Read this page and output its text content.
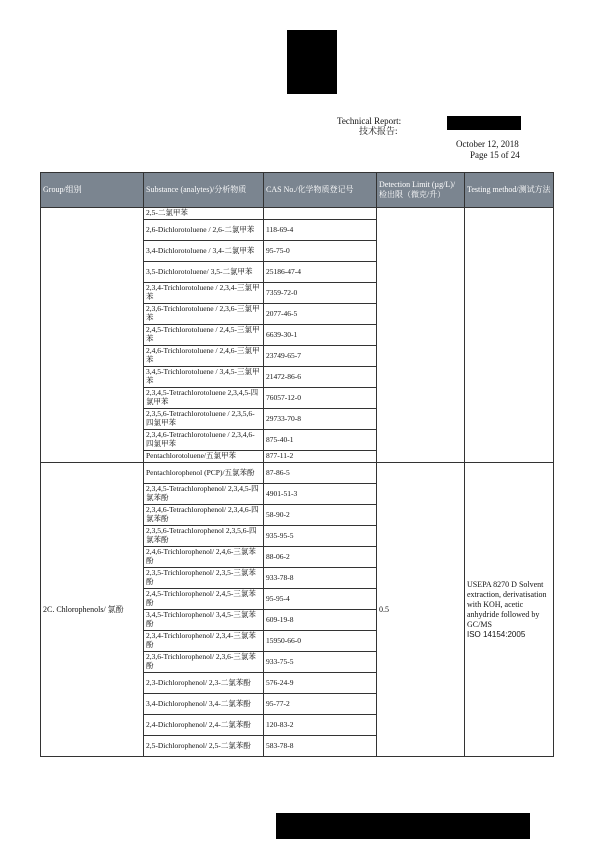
Technical Report:
技术报告:
October 12, 2018
Page 15 of 24
Group/组别	Substance (analytes)/分析物质	CAS No./化学物质登记号	Detection Limit (µg/L)/检出限（微克/升）	Testing method/测试方法
	2,5-二氯甲苯			
	2,6-Dichlorotoluene / 2,6-二氯甲苯	118-69-4		
	3,4-Dichlorotoluene / 3,4-二氯甲苯	95-75-0		
	3,5-Dichlorotoluene/ 3,5-二氯甲苯	25186-47-4		
	2,3,4-Trichlorotoluene / 2,3,4-三氯甲苯	7359-72-0		
	2,3,6-Trichlorotoluene / 2,3,6-三氯甲苯	2077-46-5		
	2,4,5-Trichlorotoluene / 2,4,5-三氯甲苯	6639-30-1		
	2,4,6-Trichlorotoluene / 2,4,6-三氯甲苯	23749-65-7		
	3,4,5-Trichlorotoluene / 3,4,5-三氯甲苯	21472-86-6		
	2,3,4,5-Tetrachlorotoluene 2,3,4,5-四氯甲苯	76057-12-0		
	2,3,5,6-Tetrachlorotoluene / 2,3,5,6-四氯甲苯	29733-70-8		
	2,3,4,6-Tetrachlorotoluene / 2,3,4,6-四氯甲苯	875-40-1		
	Pentachlorotoluene/五氯甲苯	877-11-2		
2C. Chlorophenols/ 氯酚	Pentachlorophenol (PCP)/五氯苯酚	87-86-5	0.5	USEPA 8270 D Solvent extraction, derivatisation with KOH, acetic anhydride followed by GC/MS
ISO 14154:2005

	2,3,4,5-Tetrachlorophenol/ 2,3,4,5-四氯苯酚	4901-51-3		
	2,3,4,6-Tetrachlorophenol/ 2,3,4,6-四氯苯酚	58-90-2		
	2,3,5,6-Tetrachlorophenol 2,3,5,6-四氯苯酚	935-95-5		
	2,4,6-Trichlorophenol/ 2,4,6-三氯苯酚	88-06-2		
	2,3,5-Trichlorophenol/ 2,3,5-三氯苯酚	933-78-8		
	2,4,5-Trichlorophenol/ 2,4,5-三氯苯酚	95-95-4		
	3,4,5-Trichlorophenol/ 3,4,5-三氯苯酚	609-19-8		
	2,3,4-Trichlorophenol/ 2,3,4-三氯苯酚	15950-66-0		
	2,3,6-Trichlorophenol/ 2,3,6-三氯苯酚	933-75-5		
	2,3-Dichlorophenol/ 2,3-二氯苯酚	576-24-9		
	3,4-Dichlorophenol/ 3,4-二氯苯酚	95-77-2		
	2,4-Dichlorophenol/ 2,4-二氯苯酚	120-83-2		
	2,5-Dichlorophenol/ 2,5-二氯苯酚	583-78-8		
